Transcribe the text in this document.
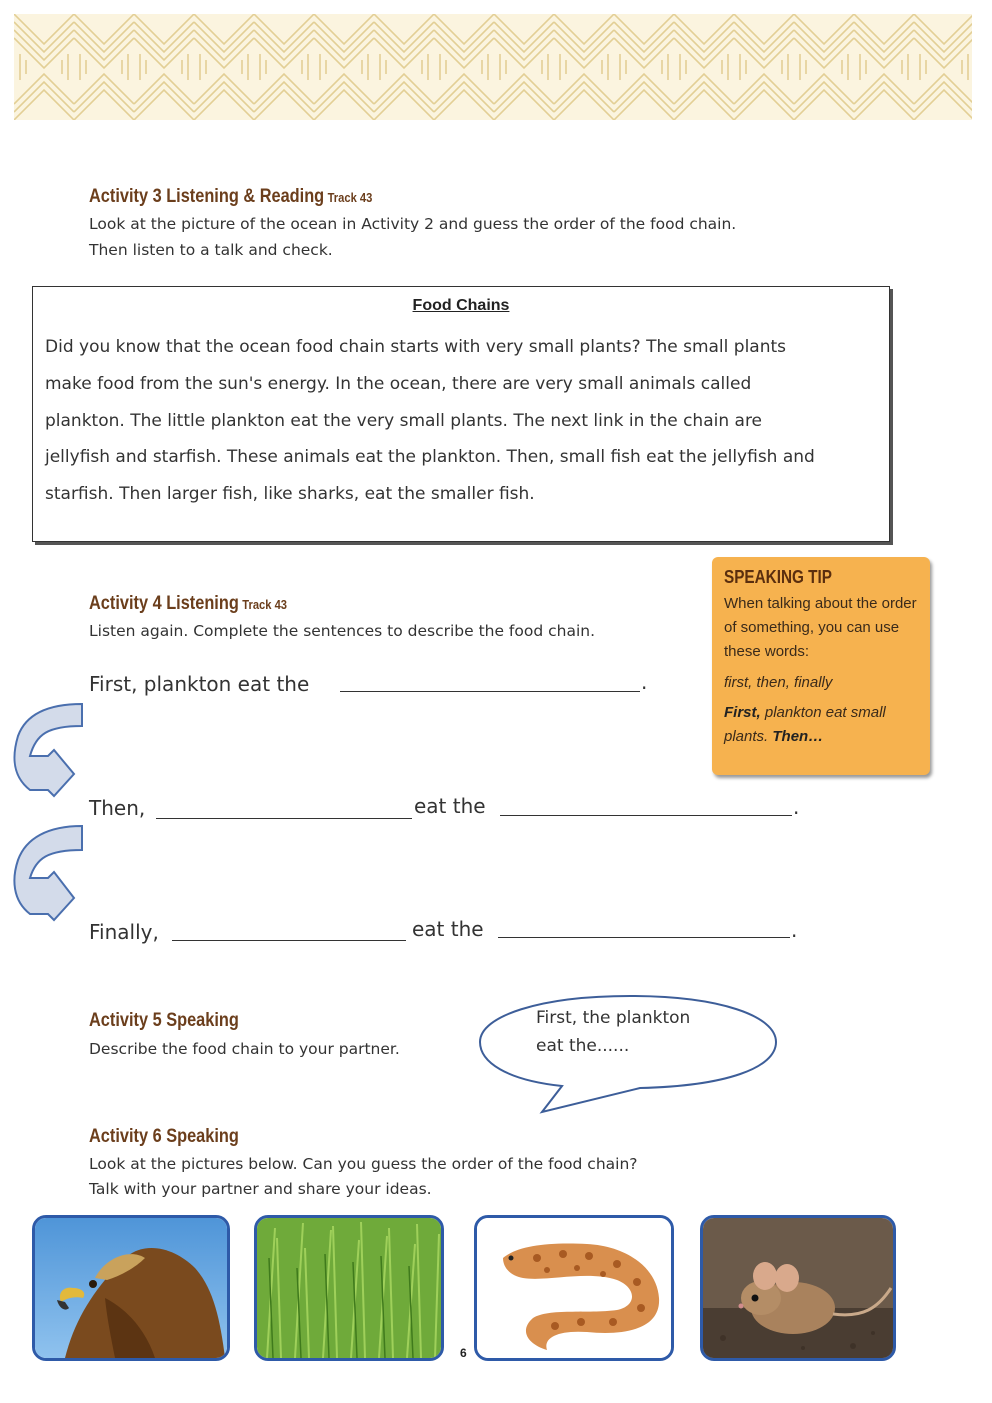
Activity 3 Listening & Reading Track 43
Look at the picture of the ocean in Activity 2 and guess the order of the food chain.
Then listen to a talk and check.
Food Chains
Did you know that the ocean food chain starts with very small plants? The small plants
make food from the sun's energy. In the ocean, there are very small animals called
plankton. The little plankton eat the very small plants. The next link in the chain are
jellyfish and starfish. These animals eat the plankton. Then, small fish eat the jellyfish and
starfish. Then larger fish, like sharks, eat the smaller fish.
SPEAKING TIP
When talking about the order of something, you can use these words:
first, then, finally
First, plankton eat small plants. Then…
Activity 4 Listening Track 43
Listen again. Complete the sentences to describe the food chain.
First, plankton eat the	.
Then,	eat the	.
Finally,	eat the	.
Activity 5 Speaking
Describe the food chain to your partner.
First, the plankton
eat the......
Activity 6 Speaking
Look at the pictures below. Can you guess the order of the food chain?
Talk with your partner and share your ideas.
6
